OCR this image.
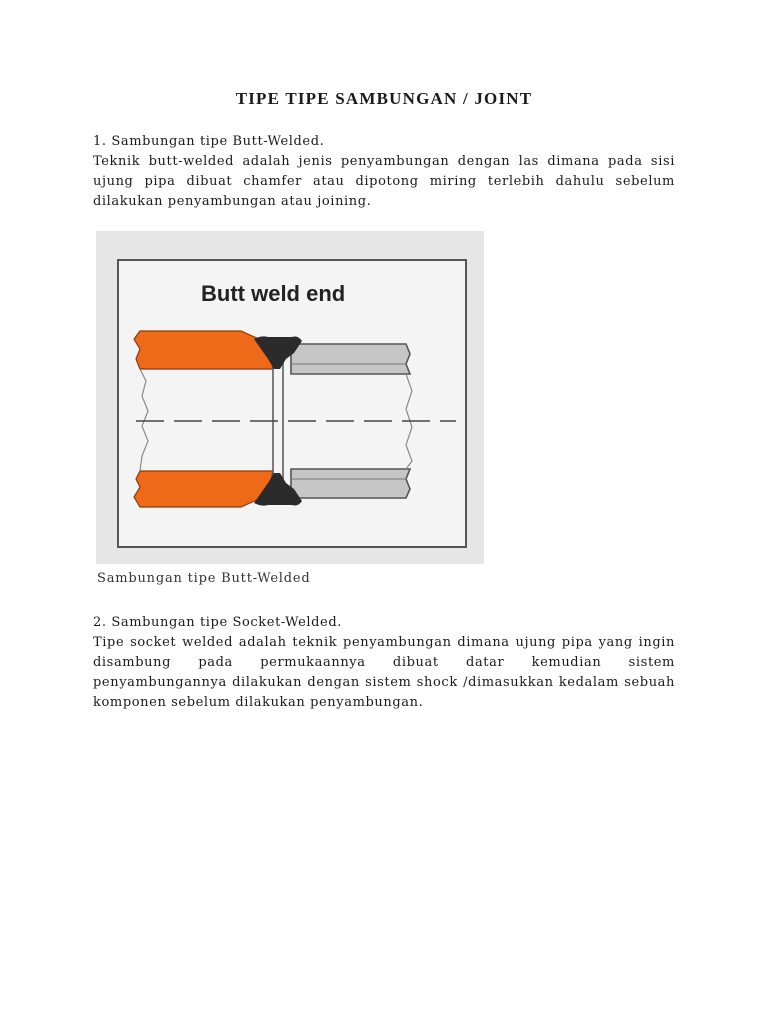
TIPE TIPE SAMBUNGAN / JOINT

1. Sambungan tipe Butt-Welded.

Teknik butt-welded adalah jenis penyambungan dengan las dimana pada sisi ujung pipa dibuat chamfer atau dipotong miring terlebih dahulu sebelum dilakukan penyambungan atau joining.

Butt weld end
Sambungan tipe Butt-Welded

2. Sambungan tipe Socket-Welded.

Tipe socket welded adalah teknik penyambungan dimana ujung pipa yang ingin disambung pada permukaannya dibuat datar kemudian sistem penyambungannya dilakukan dengan sistem shock /dimasukkan kedalam sebuah komponen sebelum dilakukan penyambungan.
